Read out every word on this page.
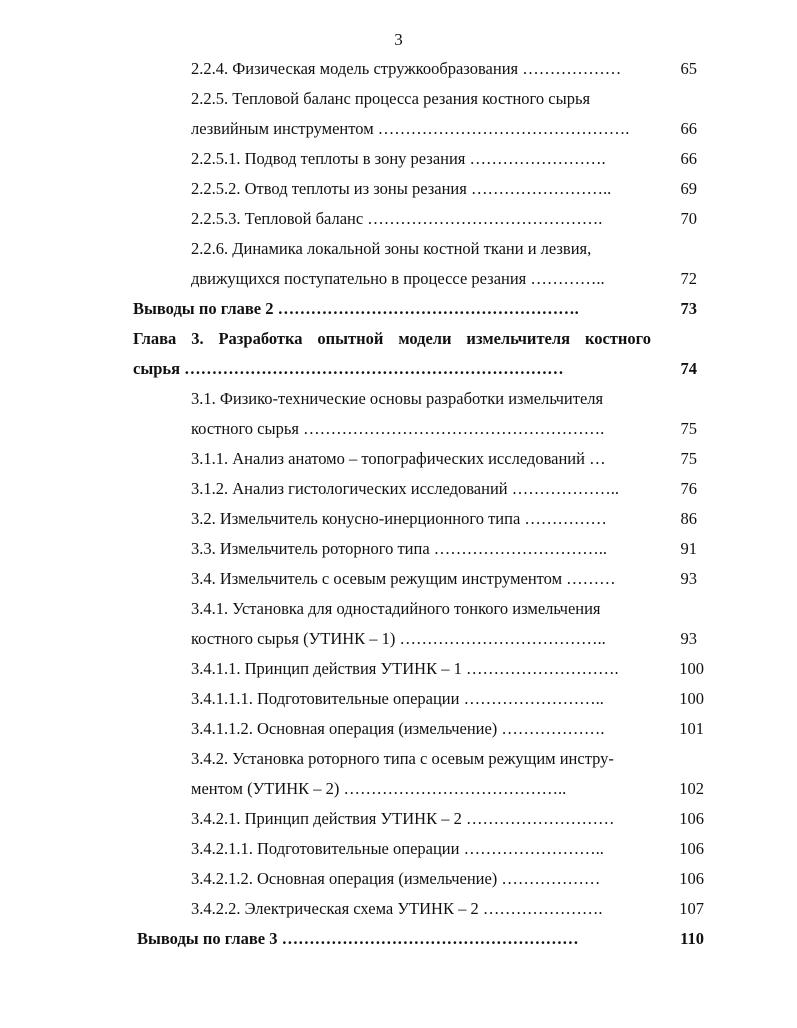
3
2.2.4. Физическая модель стружкообразования ………………	65
2.2.5. Тепловой баланс процесса резания костного сырья
лезвийным инструментом ……………………………………….	66
2.2.5.1. Подвод теплоты в зону резания …………………….	66
2.2.5.2. Отвод теплоты из зоны резания ……………………..	69
2.2.5.3. Тепловой баланс …………………………………….	70
2.2.6. Динамика локальной зоны костной ткани и лезвия,
движущихся поступательно в процессе резания …………..	72
Выводы по главе 2 ……………………………………………….	73
Глава 3. Разработка опытной модели измельчителя костного
сырья ……………………………………………………………	74
3.1. Физико-технические основы разработки измельчителя
костного сырья ……………………………………………….	75
3.1.1. Анализ анатомо – топографических исследований …	75
3.1.2. Анализ гистологических исследований ………………..	76
3.2. Измельчитель конусно-инерционного типа ……………	86
3.3. Измельчитель роторного типа …………………………..	91
3.4. Измельчитель с осевым режущим инструментом ………	93
3.4.1. Установка для одностадийного тонкого измельчения
костного сырья (УТИНК – 1) ………………………………..	93
3.4.1.1. Принцип действия УТИНК – 1 ……………………….	100
3.4.1.1.1. Подготовительные операции ……………………..	100
3.4.1.1.2. Основная операция (измельчение) ……………….	101
3.4.2. Установка роторного типа с осевым режущим инстру-
ментом (УТИНК – 2) …………………………………..	102
3.4.2.1. Принцип действия УТИНК – 2 ………………………	106
3.4.2.1.1. Подготовительные операции ……………………..	106
3.4.2.1.2. Основная операция (измельчение) ………………	106
3.4.2.2. Электрическая схема УТИНК – 2 ………………….	107
Выводы по главе 3 ………………………………………………	110
